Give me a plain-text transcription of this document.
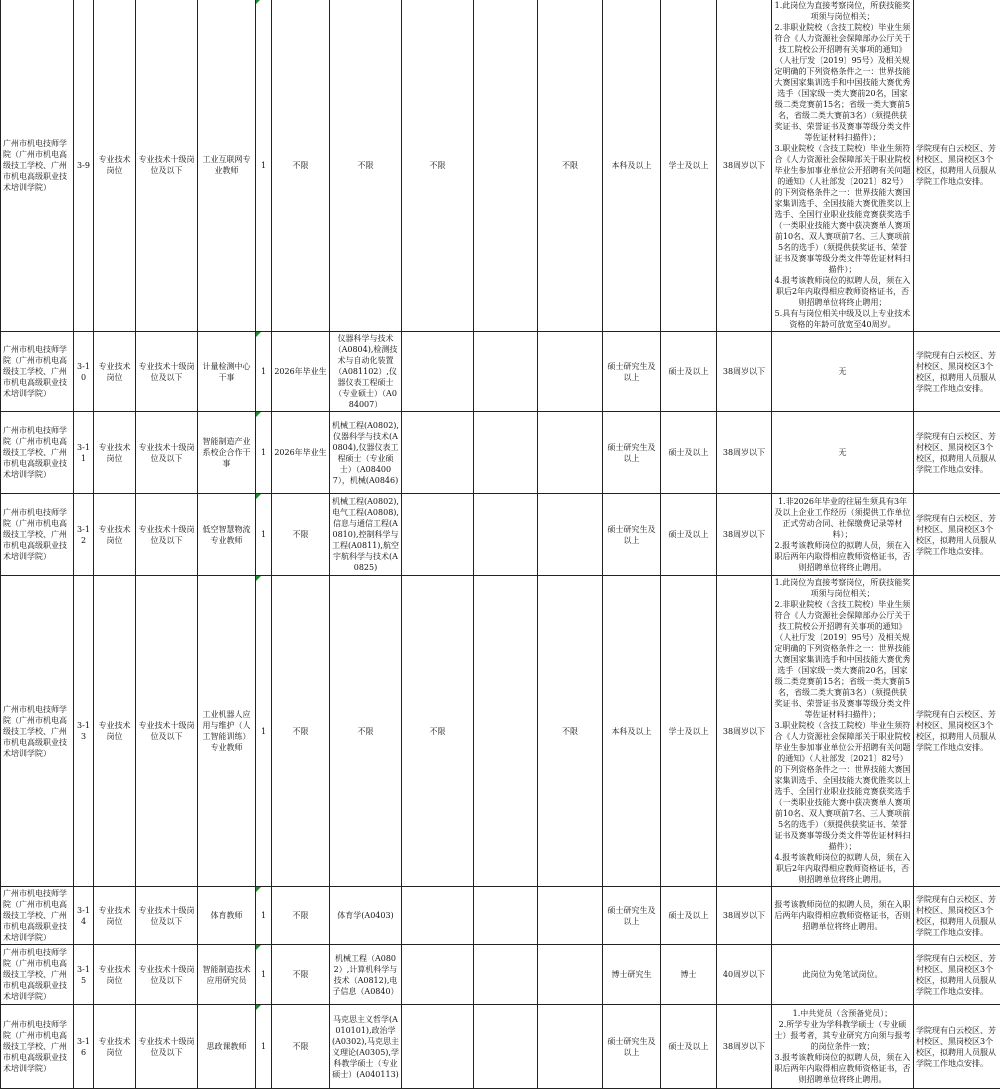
广州市机电技师学院（广州市机电高级技工学校、广州市机电高级职业技术培训学院）	3-9	专业技术岗位	专业技术十级岗位及以下	工业互联网专业教师	1	不限	不限	不限		不限	本科及以上	学士及以上	38周岁以下	1.此岗位为直接考察岗位，所获技能奖项须与岗位相关；
2.非职业院校（含技工院校）毕业生须符合《人力资源社会保障部办公厅关于技工院校公开招聘有关事项的通知》（人社厅发〔2019〕95号）及相关规定明确的下列资格条件之一：世界技能大赛国家集训选手和中国技能大赛优秀选手（国家级一类大赛前20名，国家级二类竞赛前15名；省级一类大赛前5名，省级二类大赛前3名）（须提供获奖证书、荣誉证书及赛事等级分类文件等佐证材料扫描件）；
3.职业院校（含技工院校）毕业生须符合《人力资源社会保障部关于职业院校毕业生参加事业单位公开招聘有关问题的通知》（人社部发〔2021〕82号）的下列资格条件之一：世界技能大赛国家集训选手、全国技能大赛优胜奖以上选手、全国行业职业技能竞赛获奖选手（一类职业技能大赛中获决赛单人赛项前10名、双人赛项前7名、三人赛项前5名的选手）（须提供获奖证书、荣誉证书及赛事等级分类文件等佐证材料扫描件）；
4.报考该教师岗位的拟聘人员，须在入职后2年内取得相应教师资格证书，否则招聘单位将终止聘用；
5.具有与岗位相关中级及以上专业技术资格的年龄可放宽至40周岁。	学院现有白云校区、芳村校区、黑岗校区3个校区，拟聘用人员服从学院工作地点安排。
广州市机电技师学院（广州市机电高级技工学校、广州市机电高级职业技术培训学院）	3-10	专业技术岗位	专业技术十级岗位及以下	计量检测中心干事	1	2026年毕业生	仪器科学与技术（A0804),检测技术与自动化装置（A081102）,仪器仪表工程硕士（专业硕士）（A084007）				硕士研究生及以上	硕士及以上	38周岁以下	无	学院现有白云校区、芳村校区、黑岗校区3个校区，拟聘用人员服从学院工作地点安排。
广州市机电技师学院（广州市机电高级技工学校、广州市机电高级职业技术培训学院）	3-11	专业技术岗位	专业技术十级岗位及以下	智能制造产业系校企合作干事	1	2026年毕业生	机械工程(A0802),仪器科学与技术(A0804),仪器仪表工程硕士（专业硕士）（A084007），机械(A0846)				硕士研究生及以上	硕士及以上	38周岁以下	无	学院现有白云校区、芳村校区、黑岗校区3个校区，拟聘用人员服从学院工作地点安排。
广州市机电技师学院（广州市机电高级技工学校、广州市机电高级职业技术培训学院）	3-12	专业技术岗位	专业技术十级岗位及以下	低空智慧物流专业教师	1	不限	机械工程(A0802),电气工程(A0808),信息与通信工程(A0810),控制科学与工程(A0811),航空宇航科学与技术(A0825)				硕士研究生及以上	硕士及以上	38周岁以下	1.非2026年毕业的往届生须具有3年及以上企业工作经历（须提供工作单位正式劳动合同、社保缴费记录等材料）；
2.报考该教师岗位的拟聘人员，须在入职后两年内取得相应教师资格证书，否则招聘单位将终止聘用。	学院现有白云校区、芳村校区、黑岗校区3个校区，拟聘用人员服从学院工作地点安排。
广州市机电技师学院（广州市机电高级技工学校、广州市机电高级职业技术培训学院）	3-13	专业技术岗位	专业技术十级岗位及以下	工业机器人应用与维护（人工智能训练）专业教师	1	不限	不限	不限		不限	本科及以上	学士及以上	38周岁以下	1.此岗位为直接考察岗位，所获技能奖项须与岗位相关；
2.非职业院校（含技工院校）毕业生须符合《人力资源社会保障部办公厅关于技工院校公开招聘有关事项的通知》（人社厅发〔2019〕95号）及相关规定明确的下列资格条件之一：世界技能大赛国家集训选手和中国技能大赛优秀选手（国家级一类大赛前20名，国家级二类竞赛前15名；省级一类大赛前5名，省级二类大赛前3名）（须提供获奖证书、荣誉证书及赛事等级分类文件等佐证材料扫描件）；
3.职业院校（含技工院校）毕业生须符合《人力资源社会保障部关于职业院校毕业生参加事业单位公开招聘有关问题的通知》（人社部发〔2021〕82号）的下列资格条件之一：世界技能大赛国家集训选手、全国技能大赛优胜奖以上选手、全国行业职业技能竞赛获奖选手（一类职业技能大赛中获决赛单人赛项前10名、双人赛项前7名、三人赛项前5名的选手）（须提供获奖证书、荣誉证书及赛事等级分类文件等佐证材料扫描件）；
4.报考该教师岗位的拟聘人员，须在入职后2年内取得相应教师资格证书，否则招聘单位将终止聘用。	学院现有白云校区、芳村校区、黑岗校区3个校区，拟聘用人员服从学院工作地点安排。
广州市机电技师学院（广州市机电高级技工学校、广州市机电高级职业技术培训学院）	3-14	专业技术岗位	专业技术十级岗位及以下	体育教师	1	不限	体育学(A0403)				硕士研究生及以上	硕士及以上	38周岁以下	报考该教师岗位的拟聘人员，须在入职后两年内取得相应教师资格证书，否则招聘单位将终止聘用。	学院现有白云校区、芳村校区、黑岗校区3个校区，拟聘用人员服从学院工作地点安排。
广州市机电技师学院（广州市机电高级技工学校、广州市机电高级职业技术培训学院）	3-15	专业技术岗位	专业技术十级岗位及以下	智能制造技术应用研究员	1	不限	机械工程（A0802）,计算机科学与技术（A0812),电子信息（A0840）				博士研究生	博士	40周岁以下	此岗位为免笔试岗位。	学院现有白云校区、芳村校区、黑岗校区3个校区，拟聘用人员服从学院工作地点安排。
广州市机电技师学院（广州市机电高级技工学校、广州市机电高级职业技术培训学院）	3-16	专业技术岗位	专业技术十级岗位及以下	思政课教师	1	不限	马克思主义哲学(A010101),政治学(A0302),马克思主义理论(A0305),学科教学硕士（专业硕士）(A040113)				硕士研究生及以上	硕士及以上	38周岁以下	1.中共党员（含预备党员）；
2.所学专业为学科教学硕士（专业硕士）报考者，其专业研究方向须与报考的岗位条件一致；
3.报考该教师岗位的拟聘人员，须在入职后两年内取得相应教师资格证书，否则招聘单位将终止聘用。	学院现有白云校区、芳村校区、黑岗校区3个校区，拟聘用人员服从学院工作地点安排。
